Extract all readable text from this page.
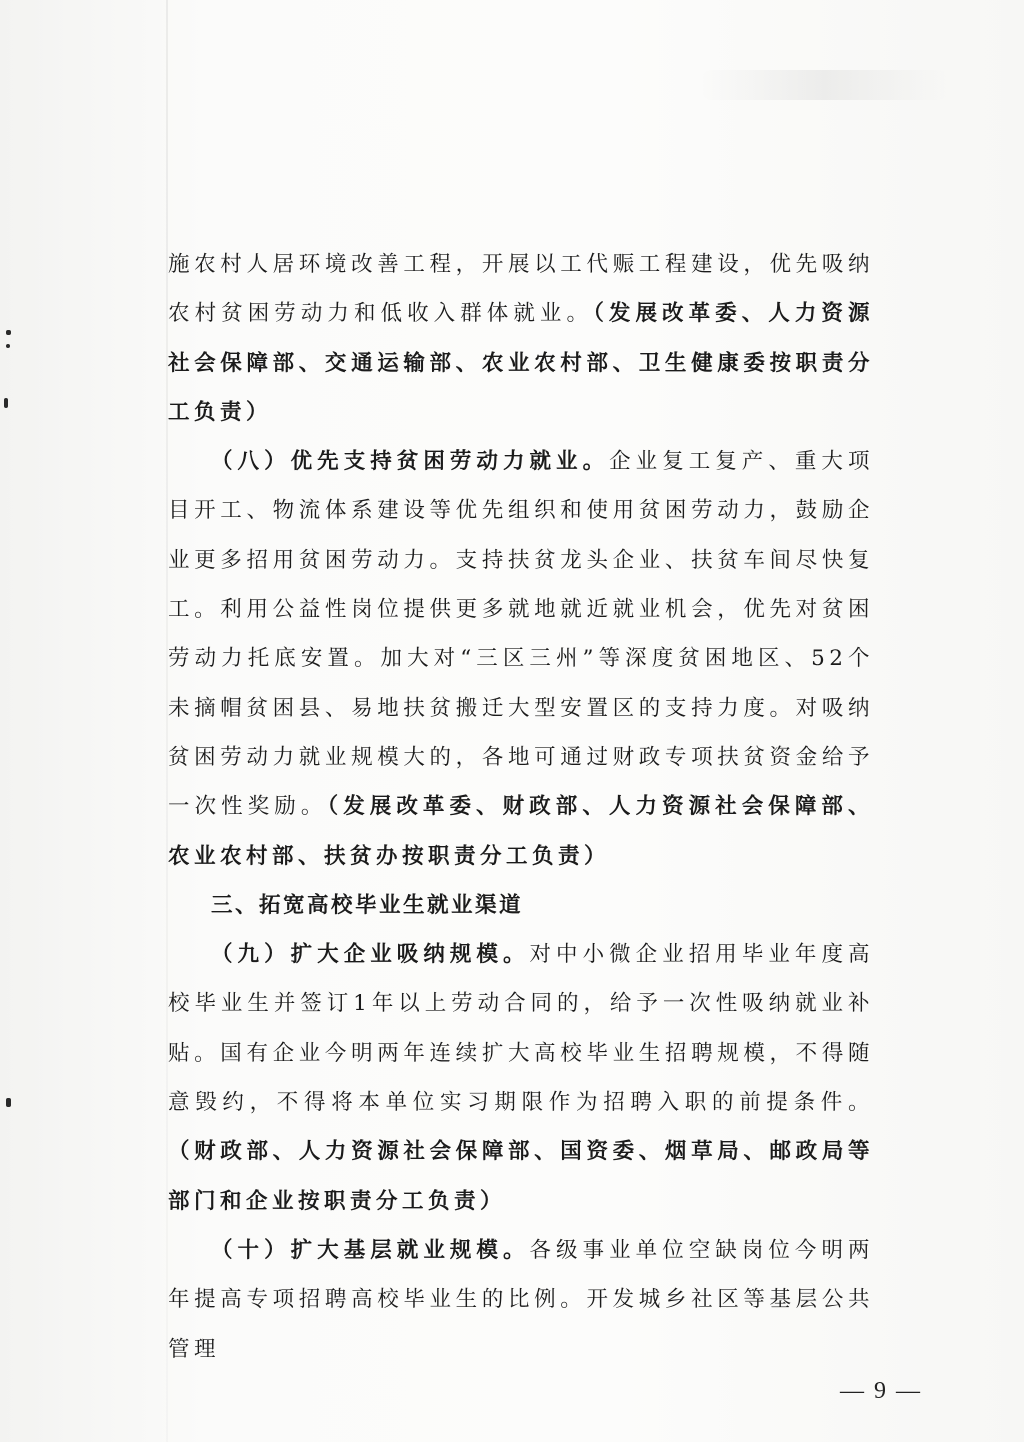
施农村人居环境改善工程，开展以工代赈工程建设，优先吸纳农村贫困劳动力和低收入群体就业。（发展改革委、人力资源社会保障部、交通运输部、农业农村部、卫生健康委按职责分工负责）

（八）优先支持贫困劳动力就业。企业复工复产、重大项目开工、物流体系建设等优先组织和使用贫困劳动力，鼓励企业更多招用贫困劳动力。支持扶贫龙头企业、扶贫车间尽快复工。利用公益性岗位提供更多就地就近就业机会，优先对贫困劳动力托底安置。加大对“三区三州”等深度贫困地区、52个未摘帽贫困县、易地扶贫搬迁大型安置区的支持力度。对吸纳贫困劳动力就业规模大的，各地可通过财政专项扶贫资金给予一次性奖励。（发展改革委、财政部、人力资源社会保障部、农业农村部、扶贫办按职责分工负责）

三、拓宽高校毕业生就业渠道

（九）扩大企业吸纳规模。对中小微企业招用毕业年度高校毕业生并签订1年以上劳动合同的，给予一次性吸纳就业补贴。国有企业今明两年连续扩大高校毕业生招聘规模，不得随意毁约，不得将本单位实习期限作为招聘入职的前提条件。（财政部、人力资源社会保障部、国资委、烟草局、邮政局等部门和企业按职责分工负责）

（十）扩大基层就业规模。各级事业单位空缺岗位今明两年提高专项招聘高校毕业生的比例。开发城乡社区等基层公共管理

— 9 —
